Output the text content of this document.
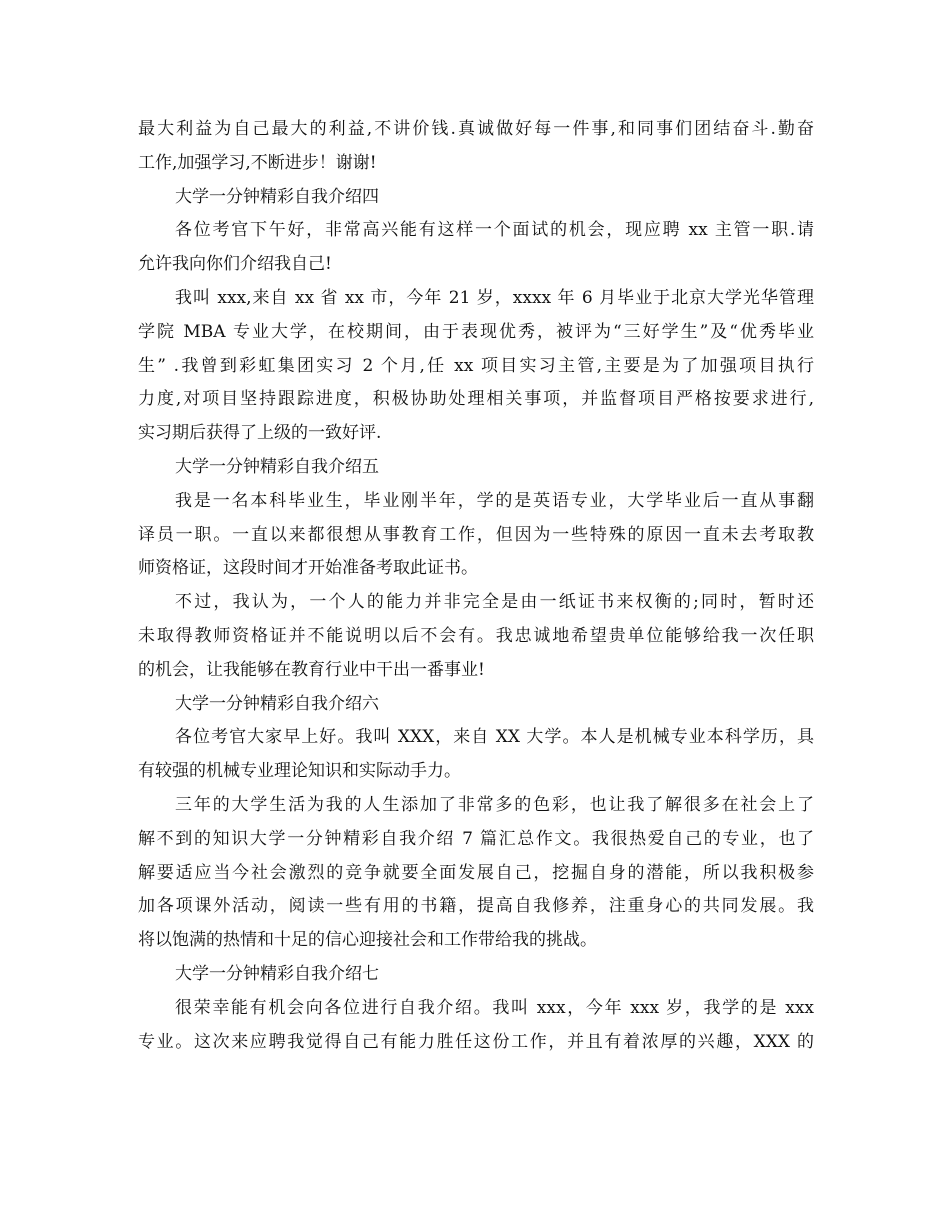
最大利益为自己最大的利益,不讲价钱.真诚做好每一件事,和同事们团结奋斗.勤奋
工作,加强学习,不断进步！谢谢!
大学一分钟精彩自我介绍四
各位考官下午好，非常高兴能有这样一个面试的机会，现应聘 xx 主管一职.请
允许我向你们介绍我自己!
我叫 xxx,来自 xx 省 xx 市，今年 21 岁，xxxx 年 6 月毕业于北京大学光华管理
学院 MBA 专业大学，在校期间，由于表现优秀，被评为“三好学生”及“优秀毕业
生” .我曾到彩虹集团实习 2 个月,任 xx 项目实习主管,主要是为了加强项目执行
力度,对项目坚持跟踪进度，积极协助处理相关事项，并监督项目严格按要求进行,
实习期后获得了上级的一致好评.
大学一分钟精彩自我介绍五
我是一名本科毕业生，毕业刚半年，学的是英语专业，大学毕业后一直从事翻
译员一职。一直以来都很想从事教育工作，但因为一些特殊的原因一直未去考取教
师资格证，这段时间才开始准备考取此证书。
不过，我认为，一个人的能力并非完全是由一纸证书来权衡的;同时，暂时还
未取得教师资格证并不能说明以后不会有。我忠诚地希望贵单位能够给我一次任职
的机会，让我能够在教育行业中干出一番事业!
大学一分钟精彩自我介绍六
各位考官大家早上好。我叫 XXX，来自 XX 大学。本人是机械专业本科学历，具
有较强的机械专业理论知识和实际动手力。
三年的大学生活为我的人生添加了非常多的色彩，也让我了解很多在社会上了
解不到的知识大学一分钟精彩自我介绍 7 篇汇总作文。我很热爱自己的专业，也了
解要适应当今社会激烈的竞争就要全面发展自己，挖掘自身的潜能，所以我积极参
加各项课外活动，阅读一些有用的书籍，提高自我修养，注重身心的共同发展。我
将以饱满的热情和十足的信心迎接社会和工作带给我的挑战。
大学一分钟精彩自我介绍七
很荣幸能有机会向各位进行自我介绍。我叫 xxx，今年 xxx 岁，我学的是 xxx
专业。这次来应聘我觉得自己有能力胜任这份工作，并且有着浓厚的兴趣，XXX 的
